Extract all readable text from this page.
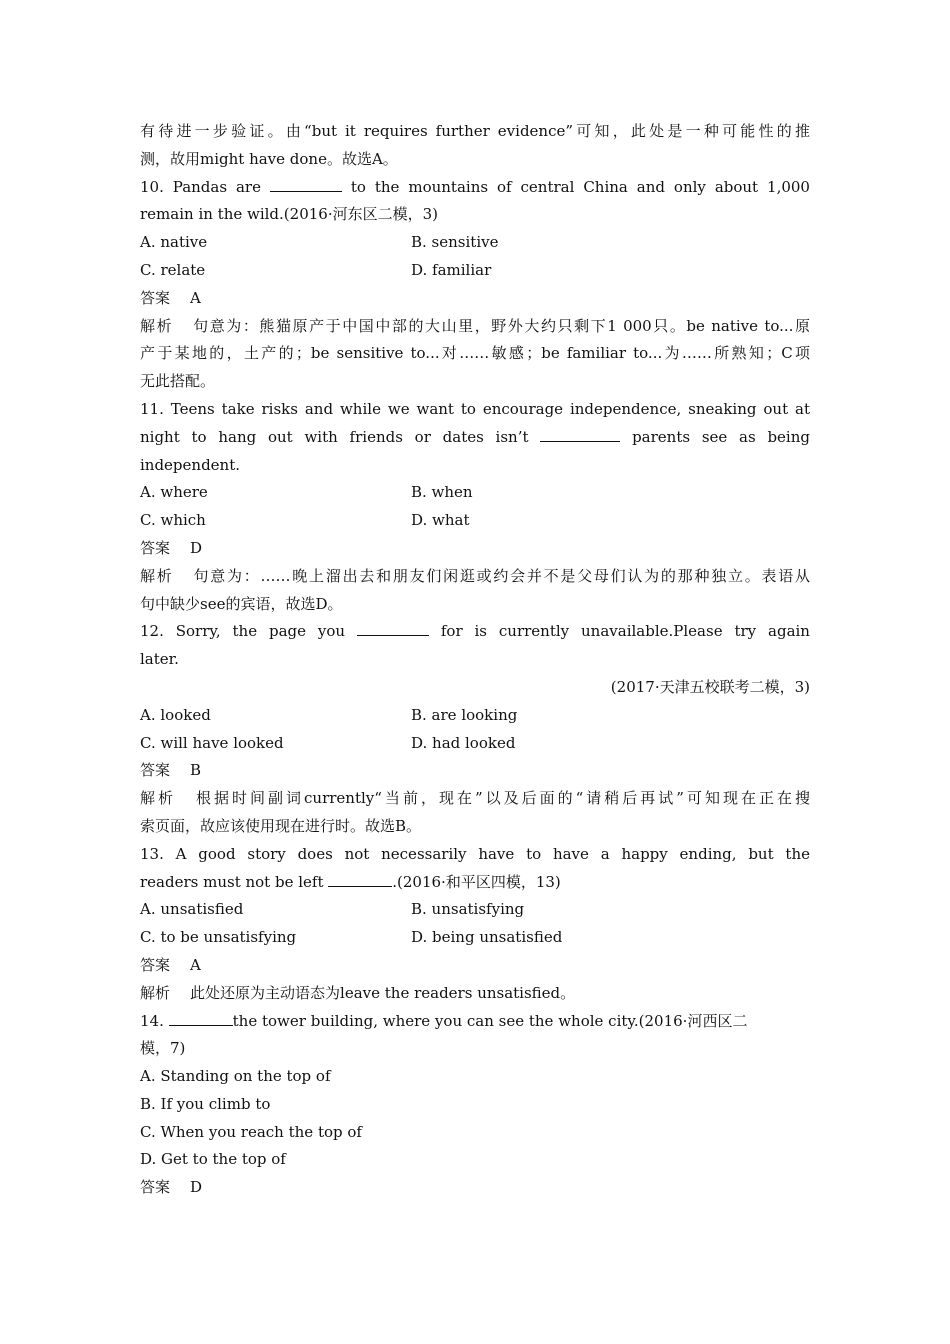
有待进一步验证。由“but it requires further evidence”可知，此处是一种可能性的推
测，故用might have done。故选A。
10. Pandas are	to the mountains of central China and only about 1,000
remain in the wild.(2016·河东区二模，3)
A. native	B. sensitive
C. relate	D. familiar
答案 A
解析 句意为：熊猫原产于中国中部的大山里，野外大约只剩下1 000只。be native to...原
产于某地的，土产的；be sensitive to...对……敏感；be familiar to...为……所熟知；C项
无此搭配。
11. Teens take risks and while we want to encourage independence, sneaking out at
night to hang out with friends or dates isn’t	parents see as being
independent.
A. where	B. when
C. which	D. what
答案 D
解析 句意为：……晚上溜出去和朋友们闲逛或约会并不是父母们认为的那种独立。表语从
句中缺少see的宾语，故选D。
12. Sorry, the page you	for is currently unavailable.Please try again
later.
(2017·天津五校联考二模，3)
A. looked	B. are looking
C. will have looked	D. had looked
答案 B
解析 根据时间副词currently“当前，现在”以及后面的“请稍后再试”可知现在正在搜
索页面，故应该使用现在进行时。故选B。
13. A good story does not necessarily have to have a happy ending, but the
readers must not be left	.(2016·和平区四模，13)
A. unsatisfied	B. unsatisfying
C. to be unsatisfying	D. being unsatisfied
答案 A
解析 此处还原为主动语态为leave the readers unsatisfied。
14.	the tower building, where you can see the whole city.(2016·河西区二
模，7)
A. Standing on the top of
B. If you climb to
C. When you reach the top of
D. Get to the top of
答案 D
